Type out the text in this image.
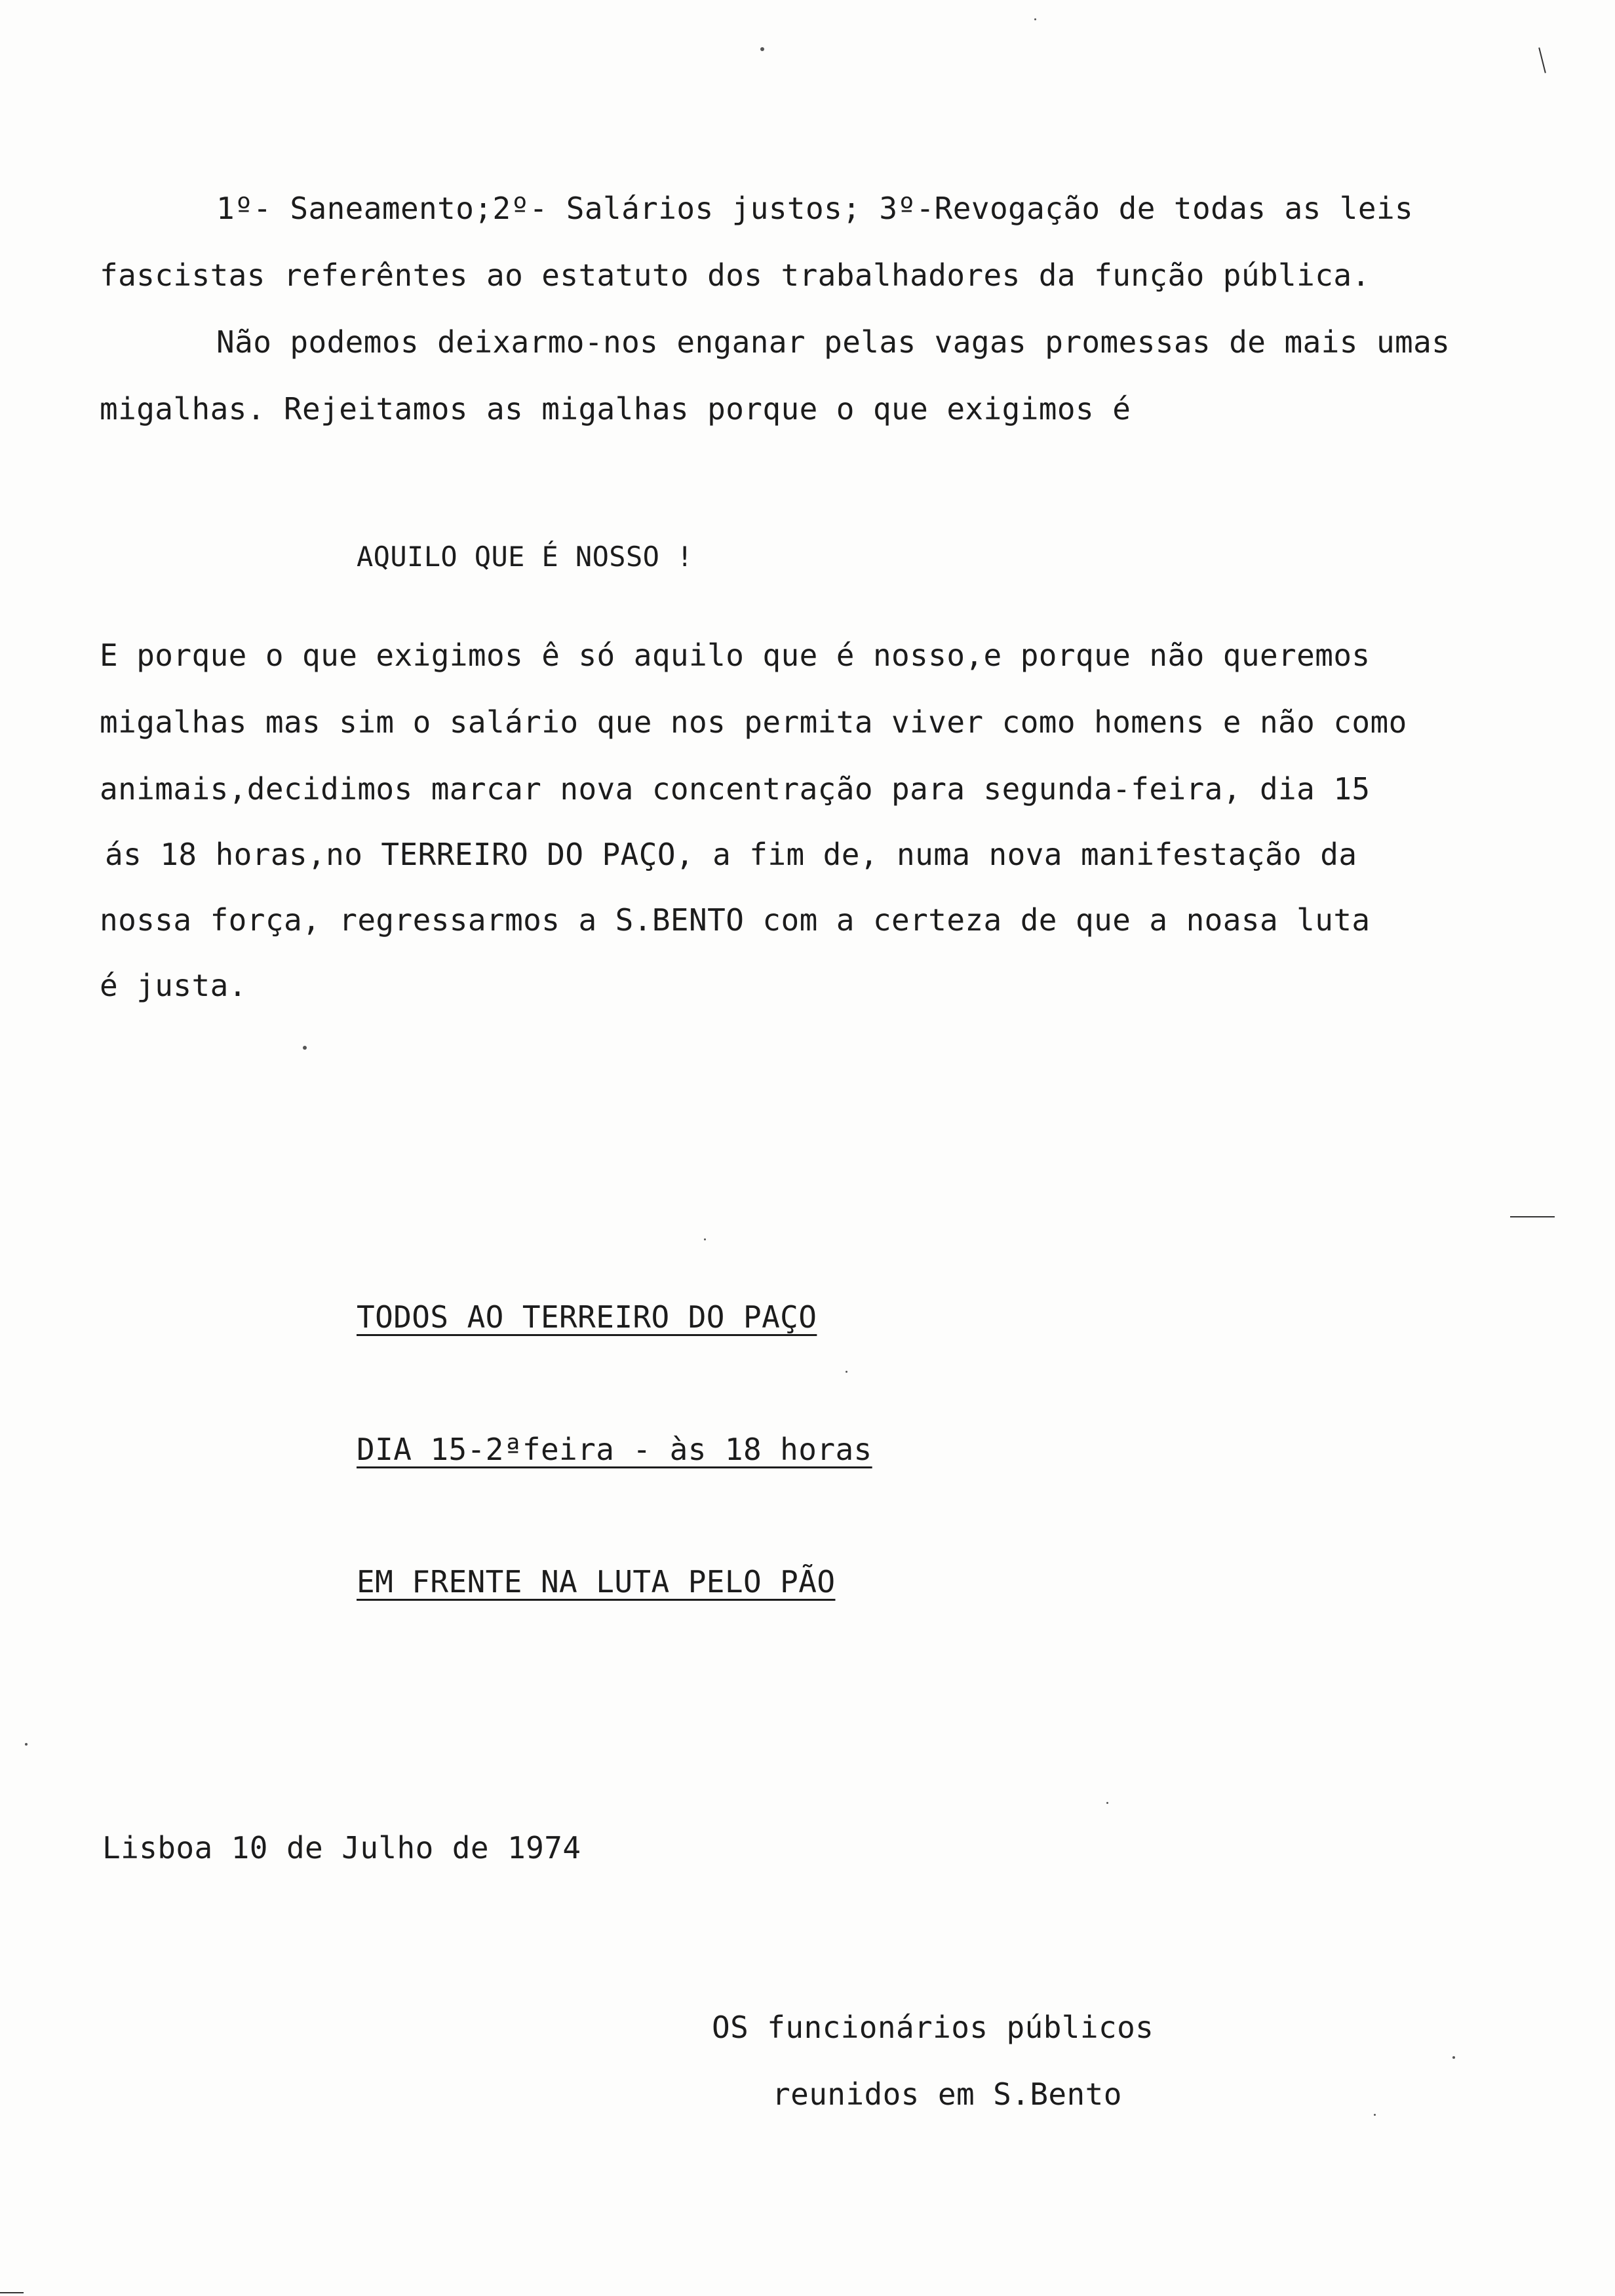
1º- Saneamento;2º- Salários justos; 3º-Revogação de todas as leis
fascistas referêntes ao estatuto dos trabalhadores da função pública.
Não podemos deixarmo-nos enganar pelas vagas promessas de mais umas
migalhas. Rejeitamos as migalhas porque o que exigimos é
AQUILO QUE É NOSSO !
E porque o que exigimos ê só aquilo que é nosso,e porque não queremos
migalhas mas sim o salário que nos permita viver como homens e não como
animais,decidimos marcar nova concentração para segunda-feira, dia 15
ás 18 horas,no TERREIRO DO PAÇO, a fim de, numa nova manifestação da
nossa força, regressarmos a S.BENTO com a certeza de que a noasa luta
é justa.
TODOS AO TERREIRO DO PAÇO
DIA 15-2ªfeira - às 18 horas
EM FRENTE NA LUTA PELO PÃO
Lisboa 10 de Julho de 1974
OS funcionários públicos
reunidos em S.Bento
